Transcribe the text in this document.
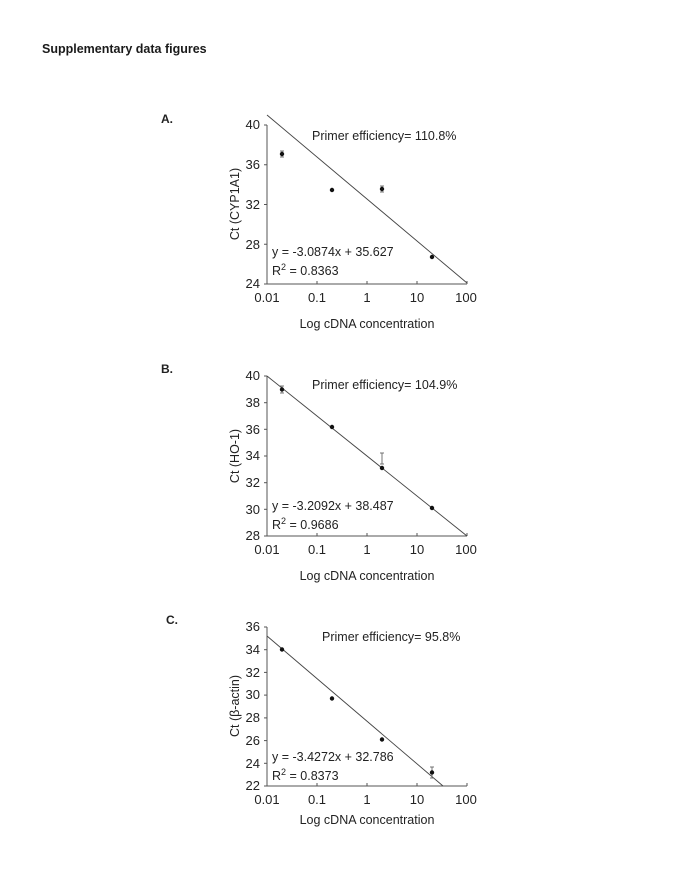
Supplementary data figures
A.
Primer efficiency= 110.8%
40
36
32
28
24
0.01 0.1	1	10 100
Log cDNA concentration
Ct (CYP1A1)
y = -3.0874x + 35.627
$R^2 = 0.8363$
B.
Primer efficiency= 104.9%
40
38
36
34
32
30
28
0.01 0.1	1	10 100
Log cDNA concentration
Ct (HO-1)
y = -3.2092x + 38.487
$R^2 = 0.9686$
C.
Primer efficiency= 95.8%
36
34
32
30
28
26
24
22
0.01 0.1	1	10 100
Log cDNA concentration
Ct (β-actin)
y = -3.4272x + 32.786
$R^2 = 0.8373$
